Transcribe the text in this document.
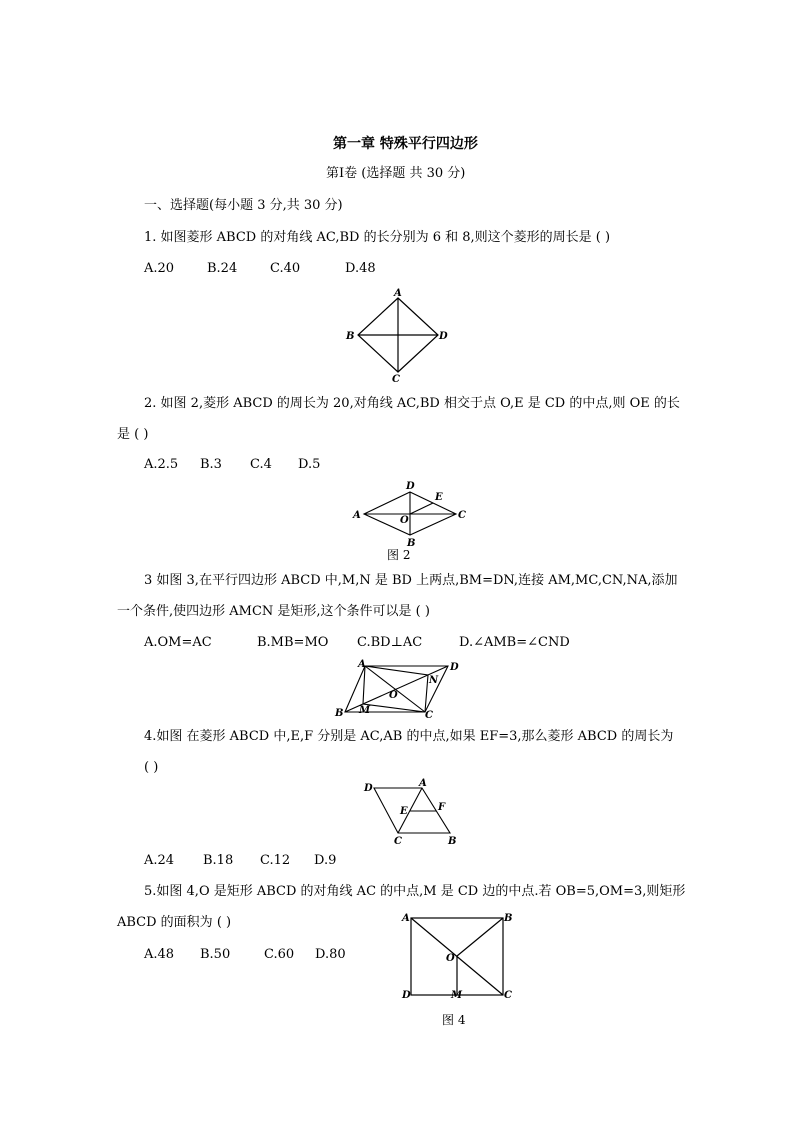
第一章 特殊平行四边形
第Ⅰ卷 (选择题 共 30 分)
一、选择题(每小题 3 分,共 30 分)
1. 如图菱形 ABCD 的对角线 AC,BD 的长分别为 6 和 8,则这个菱形的周长是 ( )
A.20	B.24	C.40	D.48
A
B
C
D
2. 如图 2,菱形 ABCD 的周长为 20,对角线 AC,BD 相交于点 O,E 是 CD 的中点,则 OE 的长
是 ( )
A.2.5 B.3 C.4 D.5
A
B
C
D
E
O
图 2
3 如图 3,在平行四边形 ABCD 中,M,N 是 BD 上两点,BM=DN,连接 AM,MC,CN,NA,添加
一个条件,使四边形 AMCN 是矩形,这个条件可以是 ( )
A.OM=AC	B.MB=MO C.BD⊥AC	D.∠AMB=∠CND
A
B	C
D
M
N
O
4.如图 在菱形 ABCD 中,E,F 分别是 AC,AB 的中点,如果 EF=3,那么菱形 ABCD 的周长为
( )
D	A
E	F
C	B
A.24 B.18 C.12 D.9
5.如图 4,O 是矩形 ABCD 的对角线 AC 的中点,M 是 CD 边的中点.若 OB=5,OM=3,则矩形
ABCD 的面积为 ( )
A.48 B.50	C.60 D.80
A	B
O
D	M	C
图 4
